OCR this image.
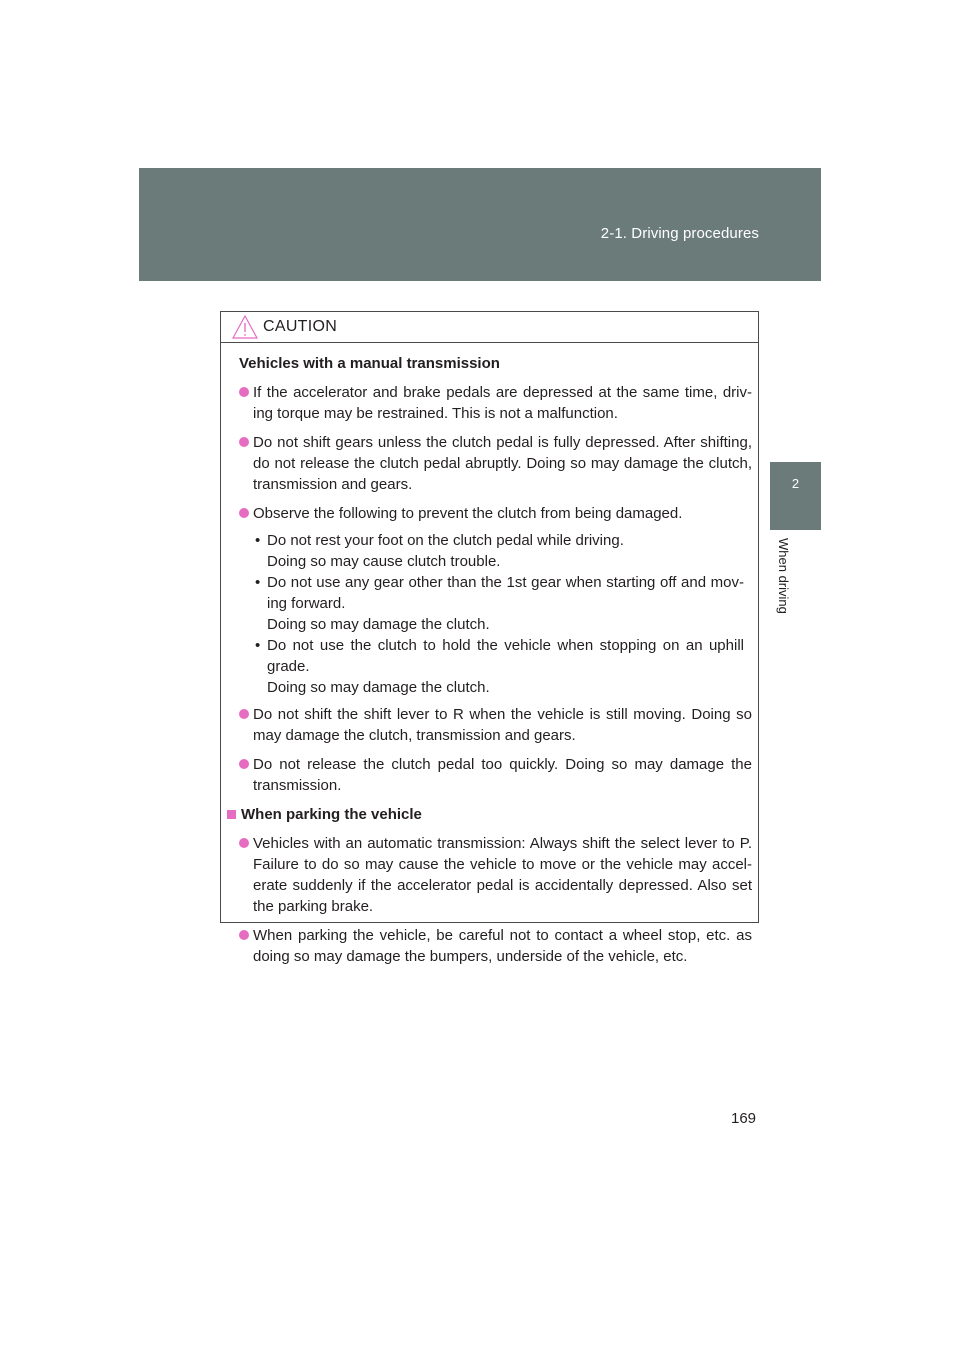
2-1. Driving procedures
2
When driving
CAUTION
Vehicles with a manual transmission
If the accelerator and brake pedals are depressed at the same time, driv-ing torque may be restrained. This is not a malfunction.
Do not shift gears unless the clutch pedal is fully depressed. After shifting, do not release the clutch pedal abruptly. Doing so may damage the clutch, transmission and gears.
Observe the following to prevent the clutch from being damaged.
• Do not rest your foot on the clutch pedal while driving.
Doing so may cause clutch trouble.
• Do not use any gear other than the 1st gear when starting off and mov-ing forward.
Doing so may damage the clutch.
• Do not use the clutch to hold the vehicle when stopping on an uphill grade.
Doing so may damage the clutch.
Do not shift the shift lever to R when the vehicle is still moving. Doing so may damage the clutch, transmission and gears.
Do not release the clutch pedal too quickly. Doing so may damage the transmission.
When parking the vehicle
Vehicles with an automatic transmission: Always shift the select lever to P. Failure to do so may cause the vehicle to move or the vehicle may accel-erate suddenly if the accelerator pedal is accidentally depressed. Also set the parking brake.
When parking the vehicle, be careful not to contact a wheel stop, etc. as doing so may damage the bumpers, underside of the vehicle, etc.
169
